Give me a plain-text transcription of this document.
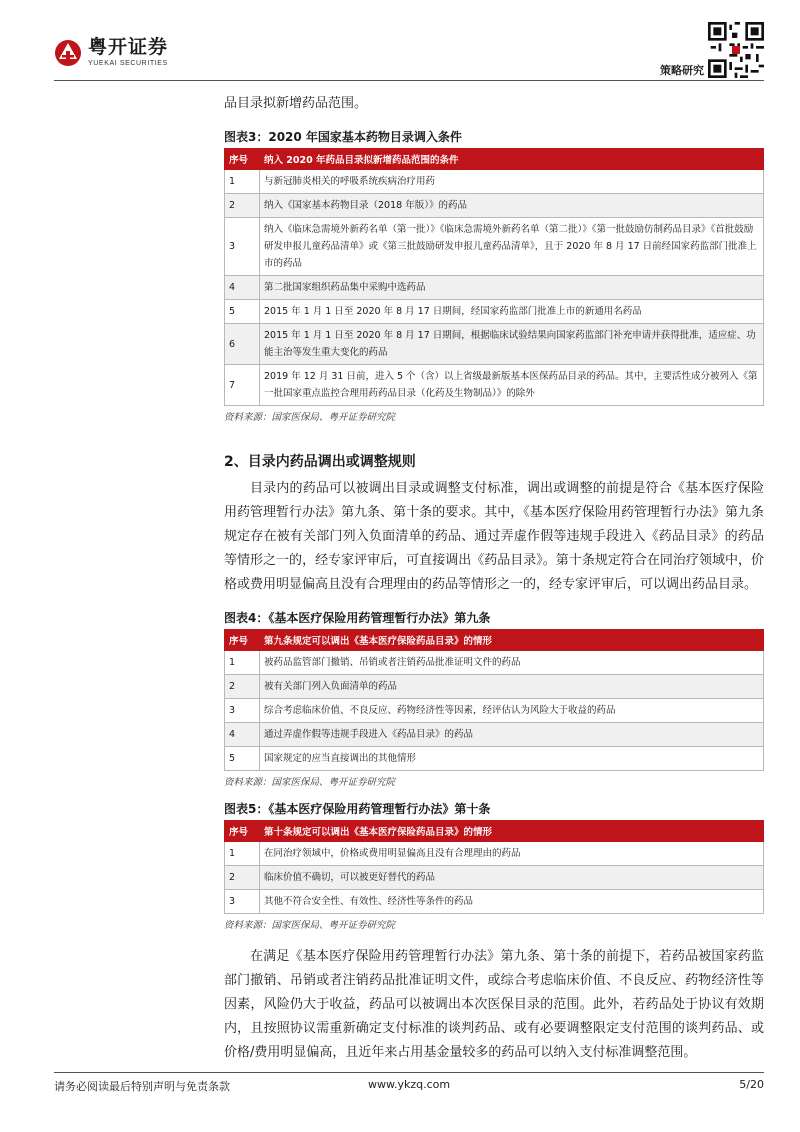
粤开证券
YUEKAI SECURITIES
策略研究

品目录拟新增药品范围。

图表3：2020 年国家基本药物目录调入条件
序号	纳入 2020 年药品目录拟新增药品范围的条件
1	与新冠肺炎相关的呼吸系统疾病治疗用药
2	纳入《国家基本药物目录（2018 年版）》的药品
3	纳入《临床急需境外新药名单（第一批）》《临床急需境外新药名单（第二批）》《第一批鼓励仿制药品目录》《首批鼓励研发申报儿童药品清单》或《第三批鼓励研发申报儿童药品清单》，且于 2020 年 8 月 17 日前经国家药监部门批准上市的药品
4	第二批国家组织药品集中采购中选药品
5	2015 年 1 月 1 日至 2020 年 8 月 17 日期间，经国家药监部门批准上市的新通用名药品
6	2015 年 1 月 1 日至 2020 年 8 月 17 日期间，根据临床试验结果向国家药监部门补充申请并获得批准，适应症、功能主治等发生重大变化的药品
7	2019 年 12 月 31 日前，进入 5 个（含）以上省级最新版基本医保药品目录的药品。其中，主要活性成分被列入《第一批国家重点监控合理用药药品目录（化药及生物制品）》的除外
资料来源：国家医保局、粤开证券研究院
2、目录内药品调出或调整规则

目录内的药品可以被调出目录或调整支付标准，调出或调整的前提是符合《基本医疗保险用药管理暂行办法》第九条、第十条的要求。其中，《基本医疗保险用药管理暂行办法》第九条规定存在被有关部门列入负面清单的药品、通过弄虚作假等违规手段进入《药品目录》的药品等情形之一的，经专家评审后，可直接调出《药品目录》。第十条规定符合在同治疗领域中，价格或费用明显偏高且没有合理理由的药品等情形之一的，经专家评审后，可以调出药品目录。

图表4：《基本医疗保险用药管理暂行办法》第九条
序号	第九条规定可以调出《基本医疗保险药品目录》的情形
1	被药品监管部门撤销、吊销或者注销药品批准证明文件的药品
2	被有关部门列入负面清单的药品
3	综合考虑临床价值、不良反应、药物经济性等因素，经评估认为风险大于收益的药品
4	通过弄虚作假等违规手段进入《药品目录》的药品
5	国家规定的应当直接调出的其他情形
资料来源：国家医保局、粤开证券研究院
图表5：《基本医疗保险用药管理暂行办法》第十条
序号	第十条规定可以调出《基本医疗保险药品目录》的情形
1	在同治疗领域中，价格或费用明显偏高且没有合理理由的药品
2	临床价值不确切，可以被更好替代的药品
3	其他不符合安全性、有效性、经济性等条件的药品
资料来源：国家医保局、粤开证券研究院

在满足《基本医疗保险用药管理暂行办法》第九条、第十条的前提下，若药品被国家药监部门撤销、吊销或者注销药品批准证明文件，或综合考虑临床价值、不良反应、药物经济性等因素，风险仍大于收益，药品可以被调出本次医保目录的范围。此外，若药品处于协议有效期内，且按照协议需重新确定支付标准的谈判药品、或有必要调整限定支付范围的谈判药品、或价格/费用明显偏高，且近年来占用基金量较多的药品可以纳入支付标准调整范围。

请务必阅读最后特别声明与免责条款	www.ykzq.com	5/20
